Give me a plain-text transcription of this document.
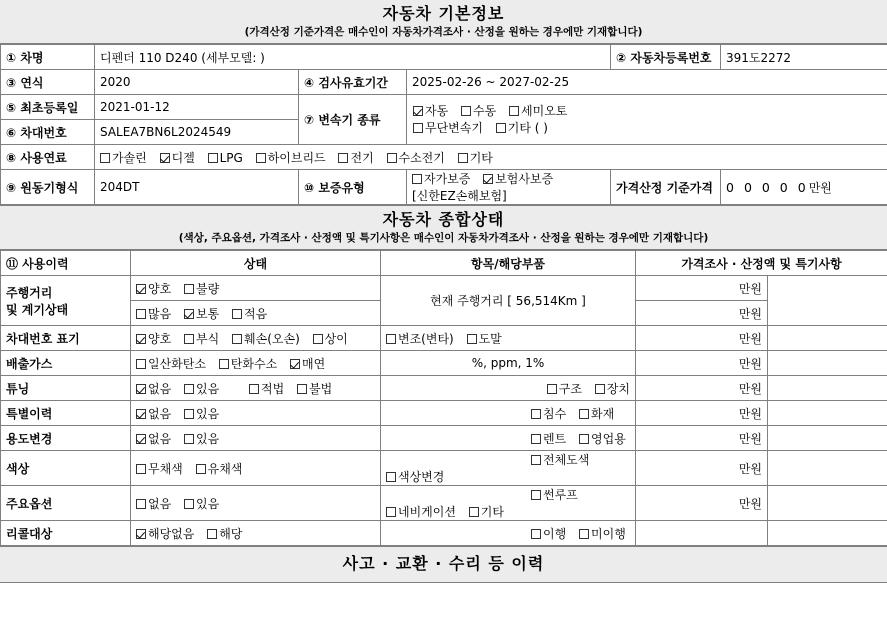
자동차 기본정보
(가격산정 기준가격은 매수인이 자동차가격조사 · 산정을 원하는 경우에만 기재합니다)
① 차명	디펜더 110 D240 (세부모델: )			② 자동차등록번호	391도2272
③ 연식	2020	④ 검사유효기간	2025-02-26 ~ 2027-02-25		
⑤ 최초등록일	2021-01-12	⑦ 변속기 종류	자동 수동 세미오토
무단변속기 기타 ( )		

⑥ 차대번호	SALEA7BN6L2024549				
⑧ 사용연료	가솔린 디젤 LPG 하이브리드 전기 수소전기 기타				
⑨ 원동기형식	204DT	⑩ 보증유형	자가보증 보험사보증 [신한EZ손해보험]	가격산정 기준가격	0 0 0 0 0만원
자동차 종합상태
(색상, 주요옵션, 가격조사 · 산정액 및 특기사항은 매수인이 자동차가격조사 · 산정을 원하는 경우에만 기재합니다)
⑪ 사용이력	상태	항목/해당부품	가격조사 · 산정액 및 특기사항	

주행거리
및 계기상태	양호 불량	현재 주행거리 [ 56,514Km ]	만원	
	많음 보통 적음		만원	
차대번호 표기	양호 부식 훼손(오손) 상이	변조(변타) 도말	만원	
배출가스	일산화탄소 탄화수소 매연	%, ppm, 1%	만원	
튜닝	없음 있음 적법 불법	구조 장치	만원	
특별이력	없음 있음	침수 화재	만원	
용도변경	없음 있음	렌트 영업용	만원	
색상	무채색 유채색	전체도색 색상변경	만원	
주요옵션	없음 있음	썬루프 네비게이션 기타	만원	
리콜대상	해당없음 해당	이행 미이행		
사고 · 교환 · 수리 등 이력
